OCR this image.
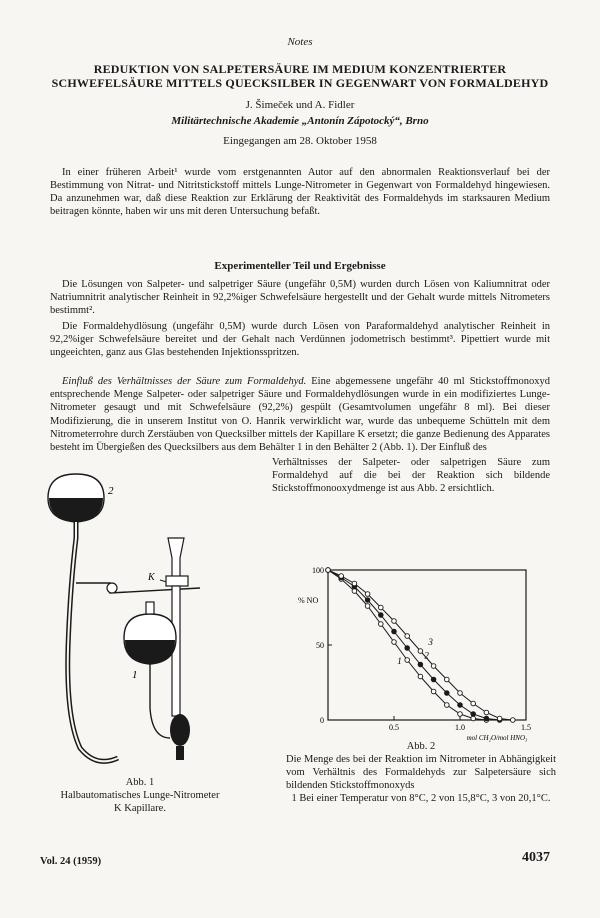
Notes
REDUKTION VON SALPETERSÄURE IM MEDIUM KONZENTRIERTER
SCHWEFELSÄURE MITTELS QUECKSILBER IN GEGENWART VON FORMALDEHYD
J. Šimeček und A. Fidler
Militärtechnische Akademie „Antonín Zápotocký“, Brno
Eingegangen am 28. Oktober 1958

In einer früheren Arbeit¹ wurde vom erstgenannten Autor auf den abnormalen Reaktionsverlauf bei der Bestimmung von Nitrat- und Nitritstickstoff mittels Lunge-Nitrometer in Gegenwart von Formaldehyd hingewiesen. Da anzunehmen war, daß diese Reaktion zur Erklärung der Reaktivität des Formaldehyds im starksauren Medium beitragen könnte, haben wir uns mit deren Untersuchung befaßt.

Experimenteller Teil und Ergebnisse

Die Lösungen von Salpeter- und salpetriger Säure (ungefähr 0,5M) wurden durch Lösen von Kaliumnitrat oder Natriumnitrit analytischer Reinheit in 92,2%iger Schwefelsäure hergestellt und der Gehalt wurde mittels Nitrometers bestimmt².

Die Formaldehydlösung (ungefähr 0,5M) wurde durch Lösen von Paraformaldehyd analytischer Reinheit in 92,2%iger Schwefelsäure bereitet und der Gehalt nach Verdünnen jodometrisch bestimmt³. Pipettiert wurde mit ungeeichten, ganz aus Glas bestehenden Injektionsspritzen.

Einfluß des Verhältnisses der Säure zum Formaldehyd. Eine abgemessene ungefähr 40 ml Stickstoffmonoxyd entsprechende Menge Salpeter- oder salpetriger Säure und Formaldehydlösungen wurde in ein modifiziertes Lunge-Nitrometer gesaugt und mit Schwefelsäure (92,2%) gespült (Gesamtvolumen ungefähr 8 ml). Bei dieser Modifizierung, die in unserem Institut von O. Hanrik verwirklicht war, wurde das unbequeme Schütteln mit dem Nitrometerrohre durch Zerstäuben von Quecksilber mittels der Kapillare K ersetzt; die ganze Bedienung des Apparates besteht im Übergießen des Quecksilbers aus dem Behälter 1 in den Behälter 2 (Abb. 1). Der Einfluß des

Verhältnisses der Salpeter- oder salpetrigen Säure zum Formaldehyd auf die bei der Reaktion sich bildende Stickstoffmonooxydmenge ist aus Abb. 2 ersichtlich.

2
K
1
Abb. 1
Halbautomatisches Lunge-Nitrometer
K Kapillare.
100
50
0
0.5	1.0	1.5
% NO
mol CH₂O/mol HNO₃
1
2
3
Abb. 2
Die Menge des bei der Reaktion im Nitrometer in Abhängigkeit vom Verhältnis des Formaldehyds zur Salpetersäure sich bildenden Stickstoffmonoxyds
1 Bei einer Temperatur von 8°C, 2 von 15,8°C, 3 von 20,1°C.
Vol. 24 (1959)	4037
